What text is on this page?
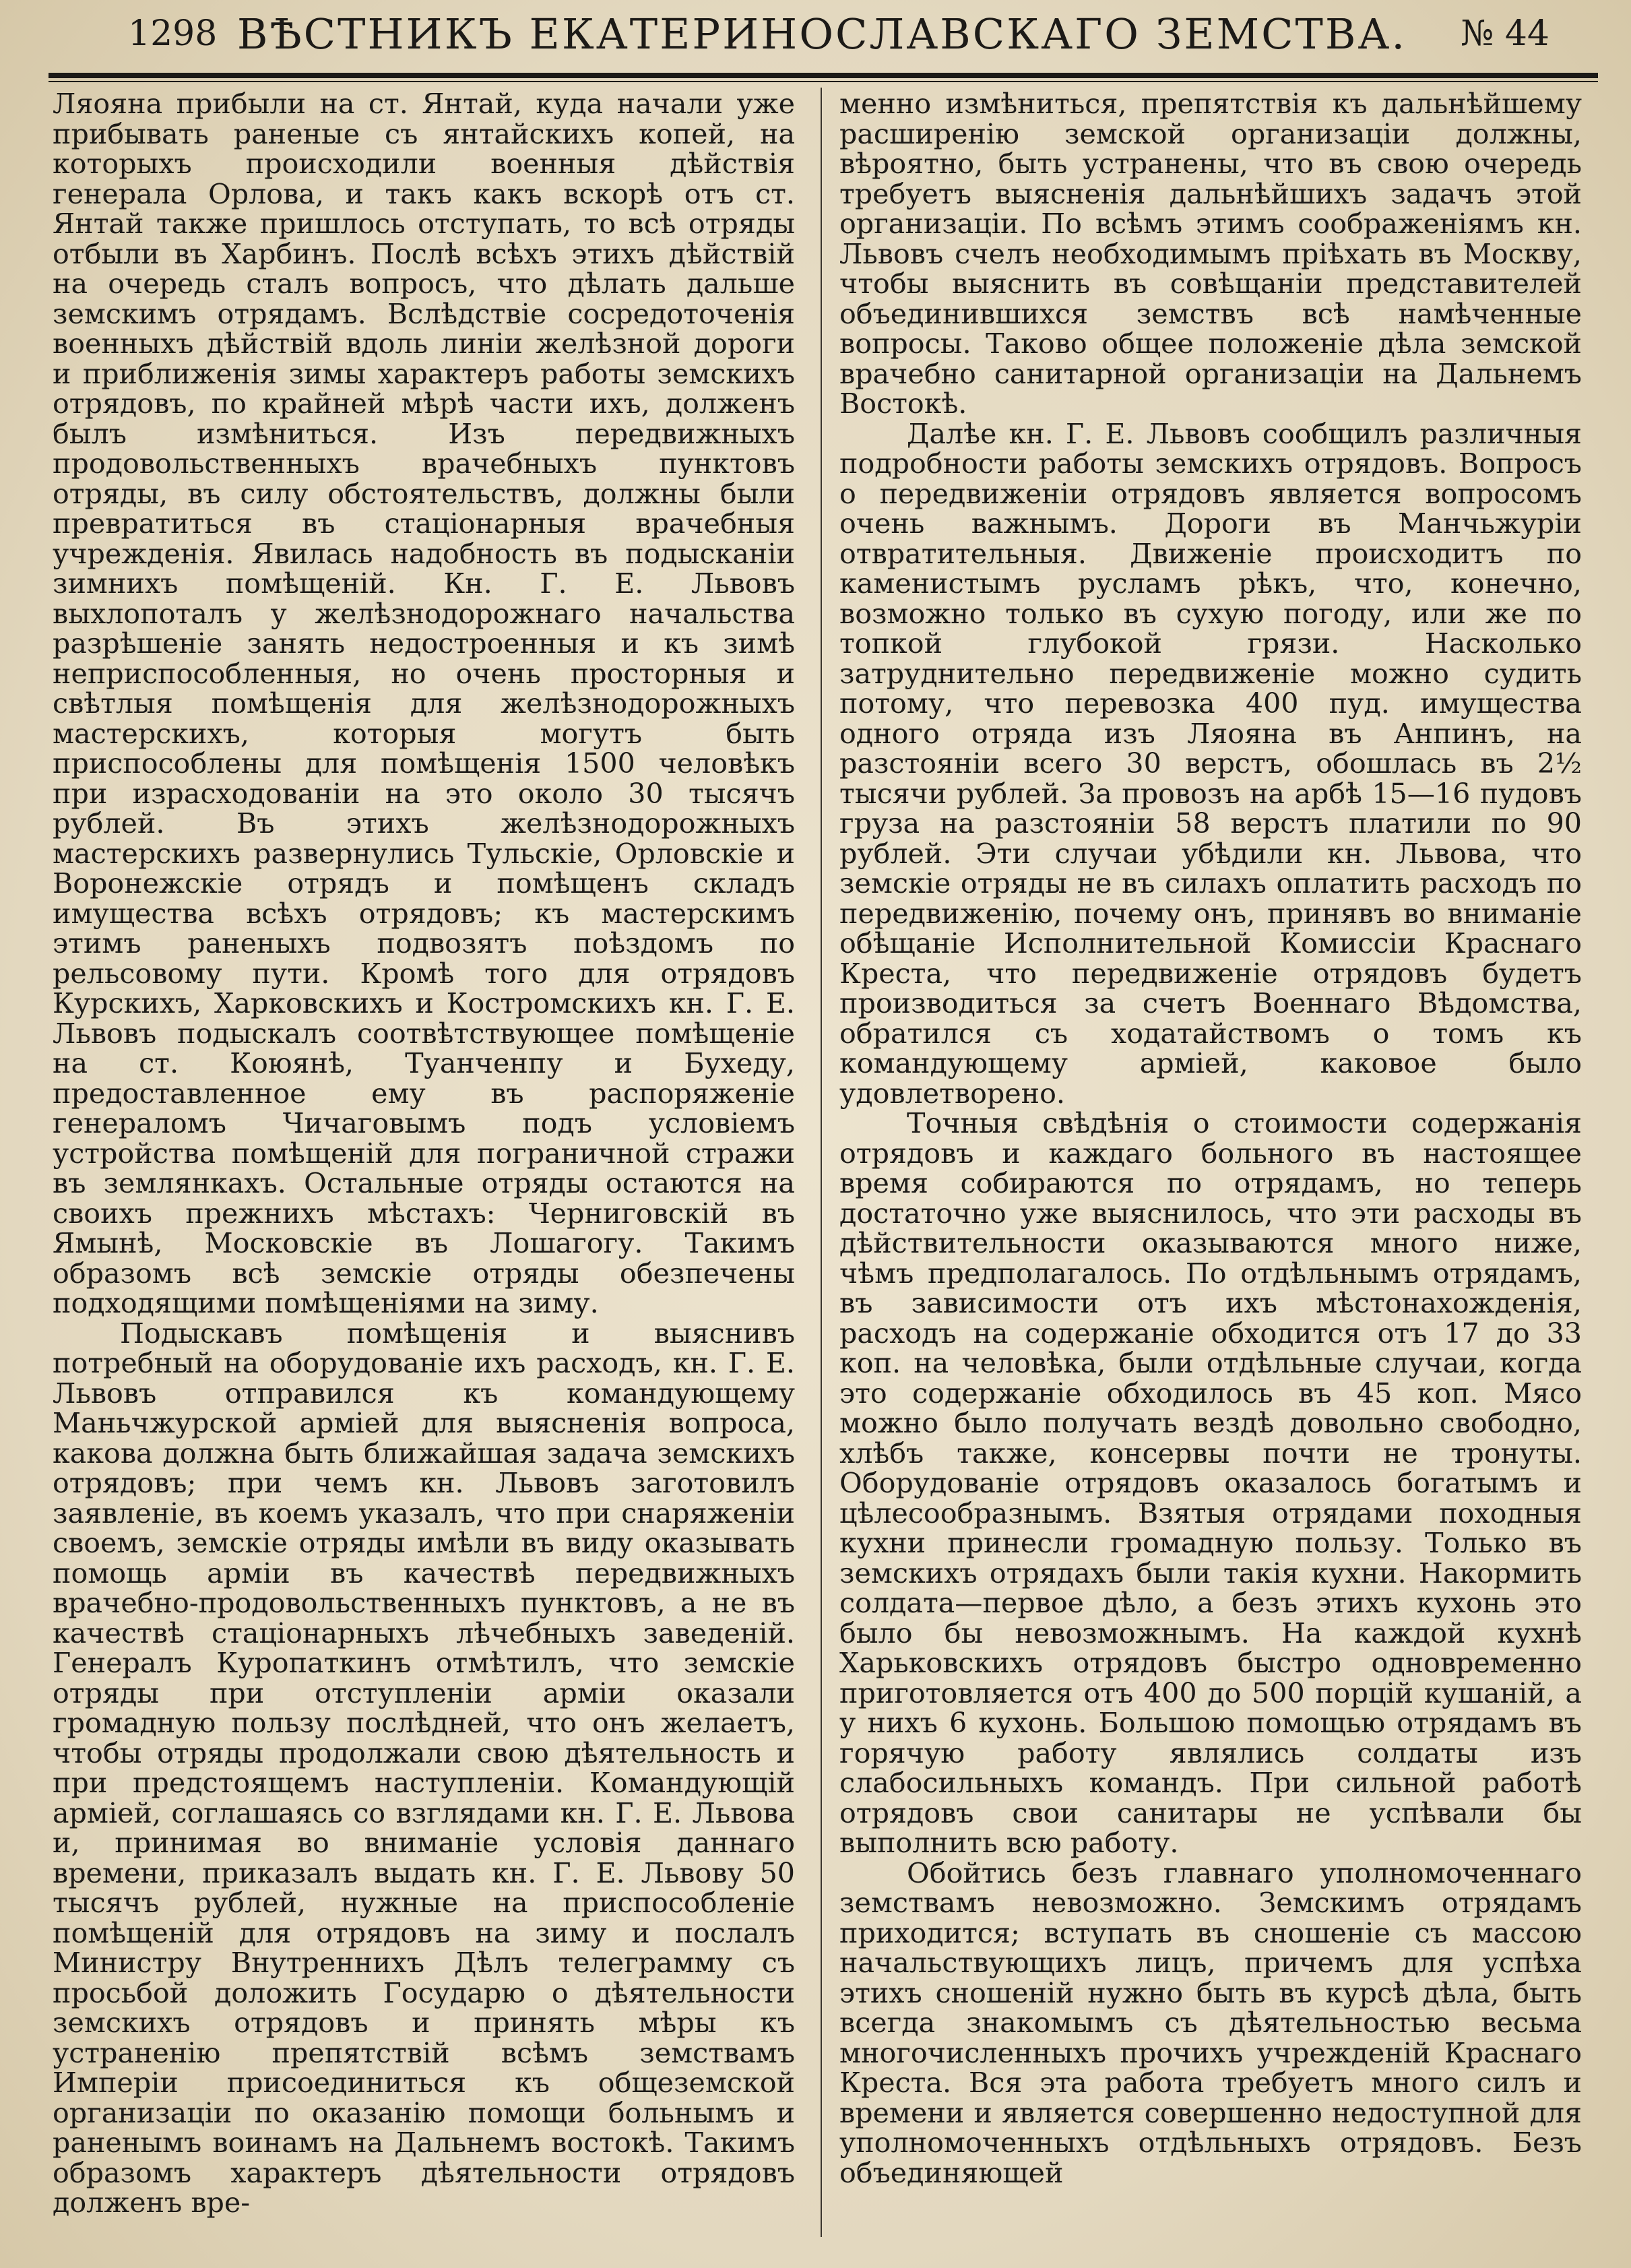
1298 ВѢСТНИКЪ ЕКАТЕРИНОСЛАВСКАГО ЗЕМСТВА.	№ 44

Ляояна прибыли на ст. Янтай, куда начали уже прибывать раненые съ янтайскихъ копей, на которыхъ происходили военныя дѣйствія генерала Орлова, и такъ какъ вскорѣ отъ ст. Янтай также пришлось отступать, то всѣ отряды отбыли въ Харбинъ. Послѣ всѣхъ этихъ дѣйствій на очередь сталъ вопросъ, что дѣлать дальше земскимъ отрядамъ. Вслѣдствіе сосредоточенія военныхъ дѣйствій вдоль линіи желѣзной дороги и приближенія зимы характеръ работы земскихъ отрядовъ, по крайней мѣрѣ части ихъ, долженъ былъ измѣниться. Изъ передвижныхъ продовольственныхъ врачебныхъ пунктовъ отряды, въ силу обстоятельствъ, должны были превратиться въ стаціонарныя врачебныя учрежденія. Явилась надобность въ подысканіи зимнихъ помѣщеній. Кн. Г. Е. Львовъ выхлопоталъ у желѣзнодорожнаго начальства разрѣшеніе занять недостроенныя и къ зимѣ неприспособленныя, но очень просторныя и свѣтлыя помѣщенія для желѣзнодорожныхъ мастерскихъ, которыя могутъ быть приспособлены для помѣщенія 1500 человѣкъ при израсходованіи на это около 30 тысячъ рублей. Въ этихъ желѣзнодорожныхъ мастерскихъ развернулись Тульскіе, Орловскіе и Воронежскіе отрядъ и помѣщенъ складъ имущества всѣхъ отрядовъ; къ мастерскимъ этимъ раненыхъ подвозятъ поѣздомъ по рельсовому пути. Кромѣ того для отрядовъ Курскихъ, Харковскихъ и Костромскихъ кн. Г. Е. Львовъ подыскалъ соотвѣтствующее помѣщеніе на ст. Коюянѣ, Туанченпу и Бухеду, предоставленное ему въ распоряженіе генераломъ Чичаговымъ подъ условіемъ устройства помѣщеній для пограничной стражи въ землянкахъ. Остальные отряды остаются на своихъ прежнихъ мѣстахъ: Черниговскій въ Ямынѣ, Московскіе въ Лошагогу. Такимъ образомъ всѣ земскіе отряды обезпечены подходящими помѣщеніями на зиму.

Подыскавъ помѣщенія и выяснивъ потребный на оборудованіе ихъ расходъ, кн. Г. Е. Львовъ отправился къ командующему Маньчжурской арміей для выясненія вопроса, какова должна быть ближайшая задача земскихъ отрядовъ; при чемъ кн. Львовъ заготовилъ заявленіе, въ коемъ указалъ, что при снаряженіи своемъ, земскіе отряды имѣли въ виду оказывать помощь арміи въ качествѣ передвижныхъ врачебно-продовольственныхъ пунктовъ, а не въ качествѣ стаціонарныхъ лѣчебныхъ заведеній. Генералъ Куропаткинъ отмѣтилъ, что земскіе отряды при отступленіи арміи оказали громадную пользу послѣдней, что онъ желаетъ, чтобы отряды продолжали свою дѣятельность и при предстоящемъ наступленіи. Командующій арміей, соглашаясь со взглядами кн. Г. Е. Львова и, принимая во вниманіе условія даннаго времени, приказалъ выдать кн. Г. Е. Львову 50 тысячъ рублей, нужные на приспособленіе помѣщеній для отрядовъ на зиму и послалъ Министру Внутреннихъ Дѣлъ телеграмму съ просьбой доложить Государю о дѣятельности земскихъ отрядовъ и принять мѣры къ устраненію препятствій всѣмъ земствамъ Имперіи присоединиться къ общеземской организаціи по оказанію помощи больнымъ и раненымъ воинамъ на Дальнемъ востокѣ. Такимъ образомъ характеръ дѣятельности отрядовъ долженъ вре-

менно измѣниться, препятствія къ дальнѣйшему расширенію земской организаціи должны, вѣроятно, быть устранены, что въ свою очередь требуетъ выясненія дальнѣйшихъ задачъ этой организаціи. По всѣмъ этимъ соображеніямъ кн. Львовъ счелъ необходимымъ пріѣхать въ Москву, чтобы выяснить въ совѣщаніи представителей объединившихся земствъ всѣ намѣченные вопросы. Таково общее положеніе дѣла земской врачебно санитарной организаціи на Дальнемъ Востокѣ.

Далѣе кн. Г. Е. Львовъ сообщилъ различныя подробности работы земскихъ отрядовъ. Вопросъ о передвиженіи отрядовъ является вопросомъ очень важнымъ. Дороги въ Манчьжуріи отвратительныя. Движеніе происходитъ по каменистымъ русламъ рѣкъ, что, конечно, возможно только въ сухую погоду, или же по топкой глубокой грязи. Насколько затруднительно передвиженіе можно судить потому, что перевозка 400 пуд. имущества одного отряда изъ Ляояна въ Анпинъ, на разстояніи всего 30 верстъ, обошлась въ 2½ тысячи рублей. За провозъ на арбѣ 15—16 пудовъ груза на разстояніи 58 верстъ платили по 90 рублей. Эти случаи убѣдили кн. Львова, что земскіе отряды не въ силахъ оплатить расходъ по передвиженію, почему онъ, принявъ во вниманіе обѣщаніе Исполнительной Комиссіи Краснаго Креста, что передвиженіе отрядовъ будетъ производиться за счетъ Военнаго Вѣдомства, обратился съ ходатайствомъ о томъ къ командующему арміей, каковое было удовлетворено.

Точныя свѣдѣнія о стоимости содержанія отрядовъ и каждаго больного въ настоящее время собираются по отрядамъ, но теперь достаточно уже выяснилось, что эти расходы въ дѣйствительности оказываются много ниже, чѣмъ предполагалось. По отдѣльнымъ отрядамъ, въ зависимости отъ ихъ мѣстонахожденія, расходъ на содержаніе обходится отъ 17 до 33 коп. на человѣка, были отдѣльные случаи, когда это содержаніе обходилось въ 45 коп. Мясо можно было получать вездѣ довольно свободно, хлѣбъ также, консервы почти не тронуты. Оборудованіе отрядовъ оказалось богатымъ и цѣлесообразнымъ. Взятыя отрядами походныя кухни принесли громадную пользу. Только въ земскихъ отрядахъ были такія кухни. Накормить солдата—первое дѣло, а безъ этихъ кухонь это было бы невозможнымъ. На каждой кухнѣ Харьковскихъ отрядовъ быстро одновременно приготовляется отъ 400 до 500 порцій кушаній, а у нихъ 6 кухонь. Большою помощью отрядамъ въ горячую работу являлись солдаты изъ слабосильныхъ командъ. При сильной работѣ отрядовъ свои санитары не успѣвали бы выполнить всю работу.

Обойтись безъ главнаго уполномоченнаго земствамъ невозможно. Земскимъ отрядамъ приходится; вступать въ сношеніе съ массою начальствующихъ лицъ, причемъ для успѣха этихъ сношеній нужно быть въ курсѣ дѣла, быть всегда знакомымъ съ дѣятельностью весьма многочисленныхъ прочихъ учрежденій Краснаго Креста. Вся эта работа требуетъ много силъ и времени и является совершенно недоступной для уполномоченныхъ отдѣльныхъ отрядовъ. Безъ объединяющей
